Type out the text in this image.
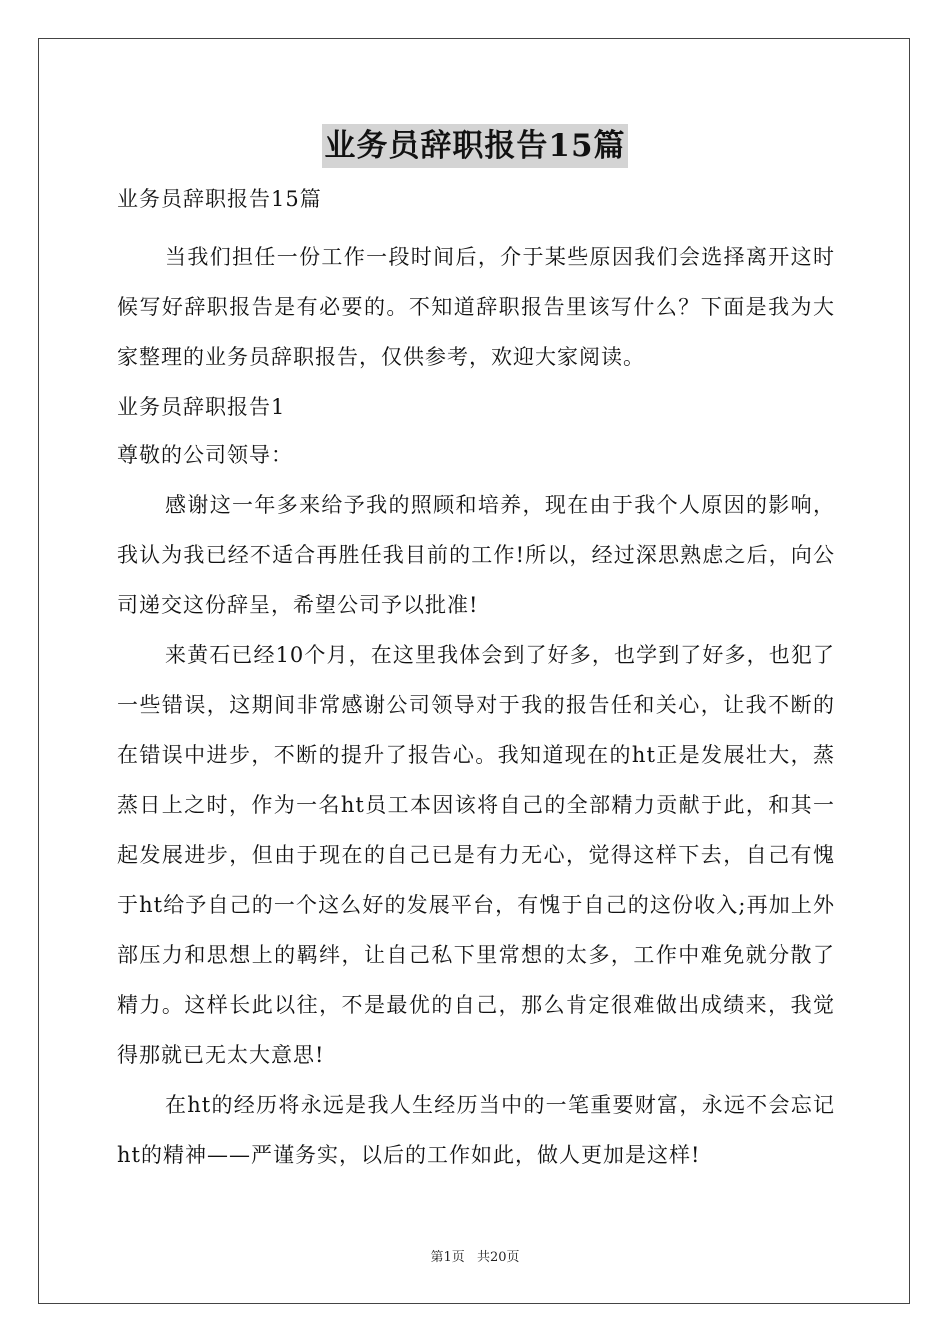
业务员辞职报告15篇
业务员辞职报告15篇

当我们担任一份工作一段时间后，介于某些原因我们会选择离开这时候写好辞职报告是有必要的。不知道辞职报告里该写什么？下面是我为大家整理的业务员辞职报告，仅供参考，欢迎大家阅读。

业务员辞职报告1
尊敬的公司领导：

感谢这一年多来给予我的照顾和培养，现在由于我个人原因的影响，我认为我已经不适合再胜任我目前的工作!所以，经过深思熟虑之后，向公司递交这份辞呈，希望公司予以批准!

来黄石已经10个月，在这里我体会到了好多，也学到了好多，也犯了一些错误，这期间非常感谢公司领导对于我的报告任和关心，让我不断的在错误中进步，不断的提升了报告心。我知道现在的ht正是发展壮大，蒸蒸日上之时，作为一名ht员工本因该将自己的全部精力贡献于此，和其一起发展进步，但由于现在的自己已是有力无心，觉得这样下去，自己有愧于ht给予自己的一个这么好的发展平台，有愧于自己的这份收入;再加上外部压力和思想上的羁绊，让自己私下里常想的太多，工作中难免就分散了精力。这样长此以往，不是最优的自己，那么肯定很难做出成绩来，我觉得那就已无太大意思!

在ht的经历将永远是我人生经历当中的一笔重要财富，永远不会忘记ht的精神——严谨务实，以后的工作如此，做人更加是这样!

第1页 共20页
